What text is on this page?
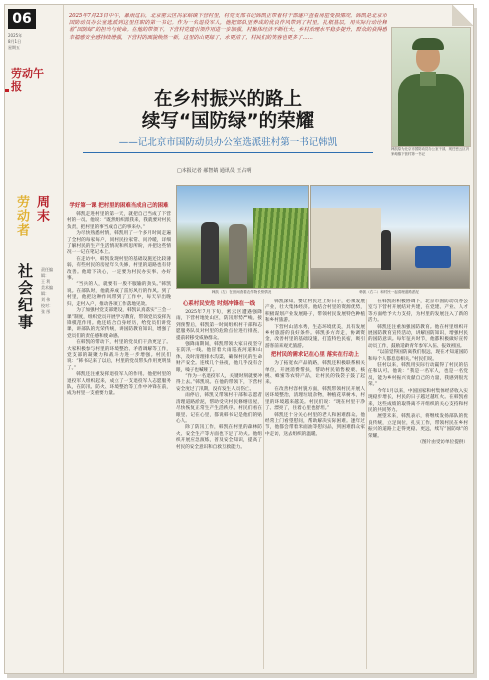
06
2025年
8月1日
星期五
劳动午报
劳动者 周末
社会纪事 责任编辑：
王 利
美术编辑：
刘 伟
校对：
张 彤
2025年7月23日中午，暴雨过后，北京密云区冯家峪镇下营村里，村党支部书记韩凯正带着村干部逐户查看房屋受损情况。韩凯是北京市国防动员办公室选派到这里任职的第一书记。作为一名退役军人，他把部队里养成的优良作风带到了村里，扎根基层，用实际行动诠释着“国防绿”的担当与使命。在他的带领下，下营村党建引领作用进一步加强，村集体经济不断壮大，乡村治理水平稳步提升，群众的获得感幸福感安全感持续增强，下营村的面貌焕然一新，这里的山更绿了，水更清了，村民们的笑容也更多了……
韩凯原为北京市国防动员办公室干部，现任密云区冯家峪镇下营村第一书记
在乡村振兴的路上
续写“国防绿”的荣耀
——记北京市国防动员办公室选派驻村第一书记韩凯
□本报记者 郝智婧 通讯员 王占明
韩凯（左）在田间查看农作物长势情况	韩凯（右二）和村民一起清理道路淤泥
学好第一课 把村里的困难当成自己的困难

韩凯走进村里的第一天，就把自己当成了下营村的一员。他说：“既然组织派我来，我就要对村民负责，把村里的事当成自己的事来办。”

为尽快熟悉村情，韩凯用了一个多月时间走遍了全村的每家每户，同村民拉家常、问冷暖，详细了解村民的生产生活情况和所思所盼，并把这些情况一一记在笔记本上。

在走访中，韩凯发现村里的基础设施还比较薄弱，有些村民的房屋年久失修，村里的道路也有待改善。他暗下决心，一定要为村民办实事、办好事。

“当兵的人，就要有一股不服输的劲头。”韩凯说。在部队时，他就养成了雷厉风行的作风。到了村里，他把这种作风带到了工作中，每天早出晚归，走村入户，推动各项工作落地见效。

为了加强村党支部建设，韩凯认真落实“三会一课”制度，组织党员开展学习教育，带领党员发挥先锋模范作用。他还结合自身经历，给党员们讲党课，讲部队的光荣传统，讲国防教育知识，增强了党员们的责任感和使命感。

在韩凯的带动下，村里的党员们干劲更足了。大家积极参与村里的环境整治、矛盾调解等工作，党支部的凝聚力和战斗力进一步增强。村民们说：“韩书记来了以后，村里的党员带头作用更明显了。”

韩凯还注重发挥退役军人的作用。他把村里的退役军人组织起来，成立了一支退役军人志愿服务队，在防汛、防火、环境整治等工作中冲锋在前，成为村里一支重要力量。

心系村民安危 时刻冲锋在一线

2025年7月下旬，密云区遭遇强降雨，下营村地处山区，防汛形势严峻。接到预警后，韩凯第一时间组织村干部和志愿服务队员对村里的危险点位进行排查，提前转移受威胁群众。

强降雨期间，韩凯带领大家日夜坚守在防汛一线。他冒着大雨巡查河道和山体，及时清理排水沟渠，确保村民的生命财产安全。连续几个昼夜，他几乎没有合眼，嗓子也喊哑了。

“作为一名退役军人，关键时刻就要冲得上去。”韩凯说。在他的带领下，下营村安全度过了汛期，没有发生人员伤亡。

雨停后，韩凯又带领村干部和志愿者清理道路淤泥，帮助受灾村民修缮房屋，尽快恢复正常生产生活秩序。村民们看在眼里、记在心里，都说韩书记是他们的贴心人。

除了防汛工作，韩凯在村里的森林防火、安全生产等方面也下足了功夫。他组织开展应急演练，普及安全知识，提高了村民的安全意识和自救互救能力。

韩凯深知，要让村民过上好日子，必须发展产业，壮大集体经济。他结合村里的资源优势，积极谋划产业发展路子，带领村民发展特色种植和乡村旅游。

下营村山清水秀，生态环境优美，具有发展乡村旅游的良好条件。韩凯多方奔走，协调资金，改善村里的基础设施，打造特色民宿，吸引游客前来观光旅游。

把村民的需求记在心里 落实在行动上

为了拓宽农产品销路，韩凯还积极联系相关单位，开展消费帮扶，帮助村民销售板栗、核桃、蜂蜜等农特产品，让村民的钱袋子鼓了起来。

在改善村容村貌方面，韩凯带领村民开展人居环境整治，清理垃圾杂物，种植花草树木，村里的环境越来越美。村民们说：“现在村里干净了、漂亮了，住着心里也舒坦。”

韩凯还十分关心村里的老人和困难群众。他经常上门看望慰问，帮助解决实际困难。逢年过节，他都会带着米面油等慰问品，到困难群众家中走访，送去组织的温暖。

在韩凯的积极协调下，北京市国防动员办公室与下营村开展结对共建，在党建、产业、人才等方面给予大力支持，为村里的发展注入了新的活力。

韩凯还注重加强国防教育。他在村里组织开展国防教育宣传活动，讲解国防知识，增强村民的国防意识。每年征兵时节，他都积极做好宣传动员工作，鼓励适龄青年参军入伍、报效祖国。

“以前觉得国防离我们很远，现在才知道国防和每个人都息息相关。”村民们说。

驻村以来，韩凯用实际行动赢得了村民的信任和认可。他说：“我是一名军人，也是一名党员，能为乡村振兴贡献自己的力量，我感到很光荣。”

今年1月以来，中国国家和村集体经济收入实现稳步增长，村民的日子越过越红火。在韩凯看来，这些成绩的取得离不开组织的关心支持和村民的共同努力。

展望未来，韩凯表示，将继续发扬部队的优良传统，立足岗位，扎实工作，带领村民在乡村振兴的道路上走得更稳、更远，续写“国防绿”的荣耀。

（图片由受访单位提供）
